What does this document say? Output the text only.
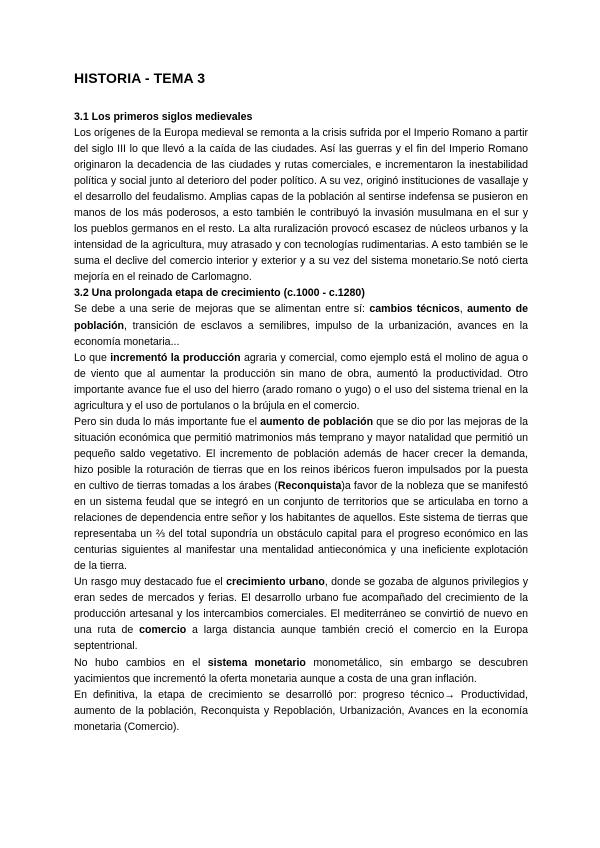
HISTORIA - TEMA 3
3.1 Los primeros siglos medievales

Los orígenes de la Europa medieval se remonta a la crisis sufrida por el Imperio Romano a partir del siglo III lo que llevó a la caída de las ciudades. Así las guerras y el fin del Imperio Romano originaron la decadencia de las ciudades y rutas comerciales, e incrementaron la inestabilidad política y social junto al deterioro del poder político. A su vez, originó instituciones de vasallaje y el desarrollo del feudalismo. Amplias capas de la población al sentirse indefensa se pusieron en manos de los más poderosos, a esto también le contribuyó la invasión musulmana en el sur y los pueblos germanos en el resto. La alta ruralización provocó escasez de núcleos urbanos y la intensidad de la agricultura, muy atrasado y con tecnologías rudimentarias. A esto también se le suma el declive del comercio interior y exterior y a su vez del sistema monetario.Se notó cierta mejoría en el reinado de Carlomagno.

3.2 Una prolongada etapa de crecimiento (c.1000 - c.1280)

Se debe a una serie de mejoras que se alimentan entre sí: cambios técnicos, aumento de población, transición de esclavos a semilibres, impulso de la urbanización, avances en la economía monetaria...

Lo que incrementó la producción agraria y comercial, como ejemplo está el molino de agua o de viento que al aumentar la producción sin mano de obra, aumentó la productividad. Otro importante avance fue el uso del hierro (arado romano o yugo) o el uso del sistema trienal en la agricultura y el uso de portulanos o la brújula en el comercio.

Pero sin duda lo más importante fue el aumento de población que se dio por las mejoras de la situación económica que permitió matrimonios más temprano y mayor natalidad que permitió un pequeño saldo vegetativo. El incremento de población además de hacer crecer la demanda, hizo posible la roturación de tierras que en los reinos ibéricos fueron impulsados por la puesta en cultivo de tierras tomadas a los árabes (Reconquista)a favor de la nobleza que se manifestó en un sistema feudal que se integró en un conjunto de territorios que se articulaba en torno a relaciones de dependencia entre señor y los habitantes de aquellos. Este sistema de tierras que representaba un ⅔ del total supondría un obstáculo capital para el progreso económico en las centurias siguientes al manifestar una mentalidad antieconómica y una ineficiente explotación de la tierra.

Un rasgo muy destacado fue el crecimiento urbano, donde se gozaba de algunos privilegios y eran sedes de mercados y ferias. El desarrollo urbano fue acompañado del crecimiento de la producción artesanal y los intercambios comerciales. El mediterráneo se convirtió de nuevo en una ruta de comercio a larga distancia aunque también creció el comercio en la Europa septentrional.

No hubo cambios en el sistema monetario monometálico, sin embargo se descubren yacimientos que incrementó la oferta monetaria aunque a costa de una gran inflación.

En definitiva, la etapa de crecimiento se desarrolló por: progreso técnico→ Productividad, aumento de la población, Reconquista y Repoblación, Urbanización, Avances en la economía monetaria (Comercio).
